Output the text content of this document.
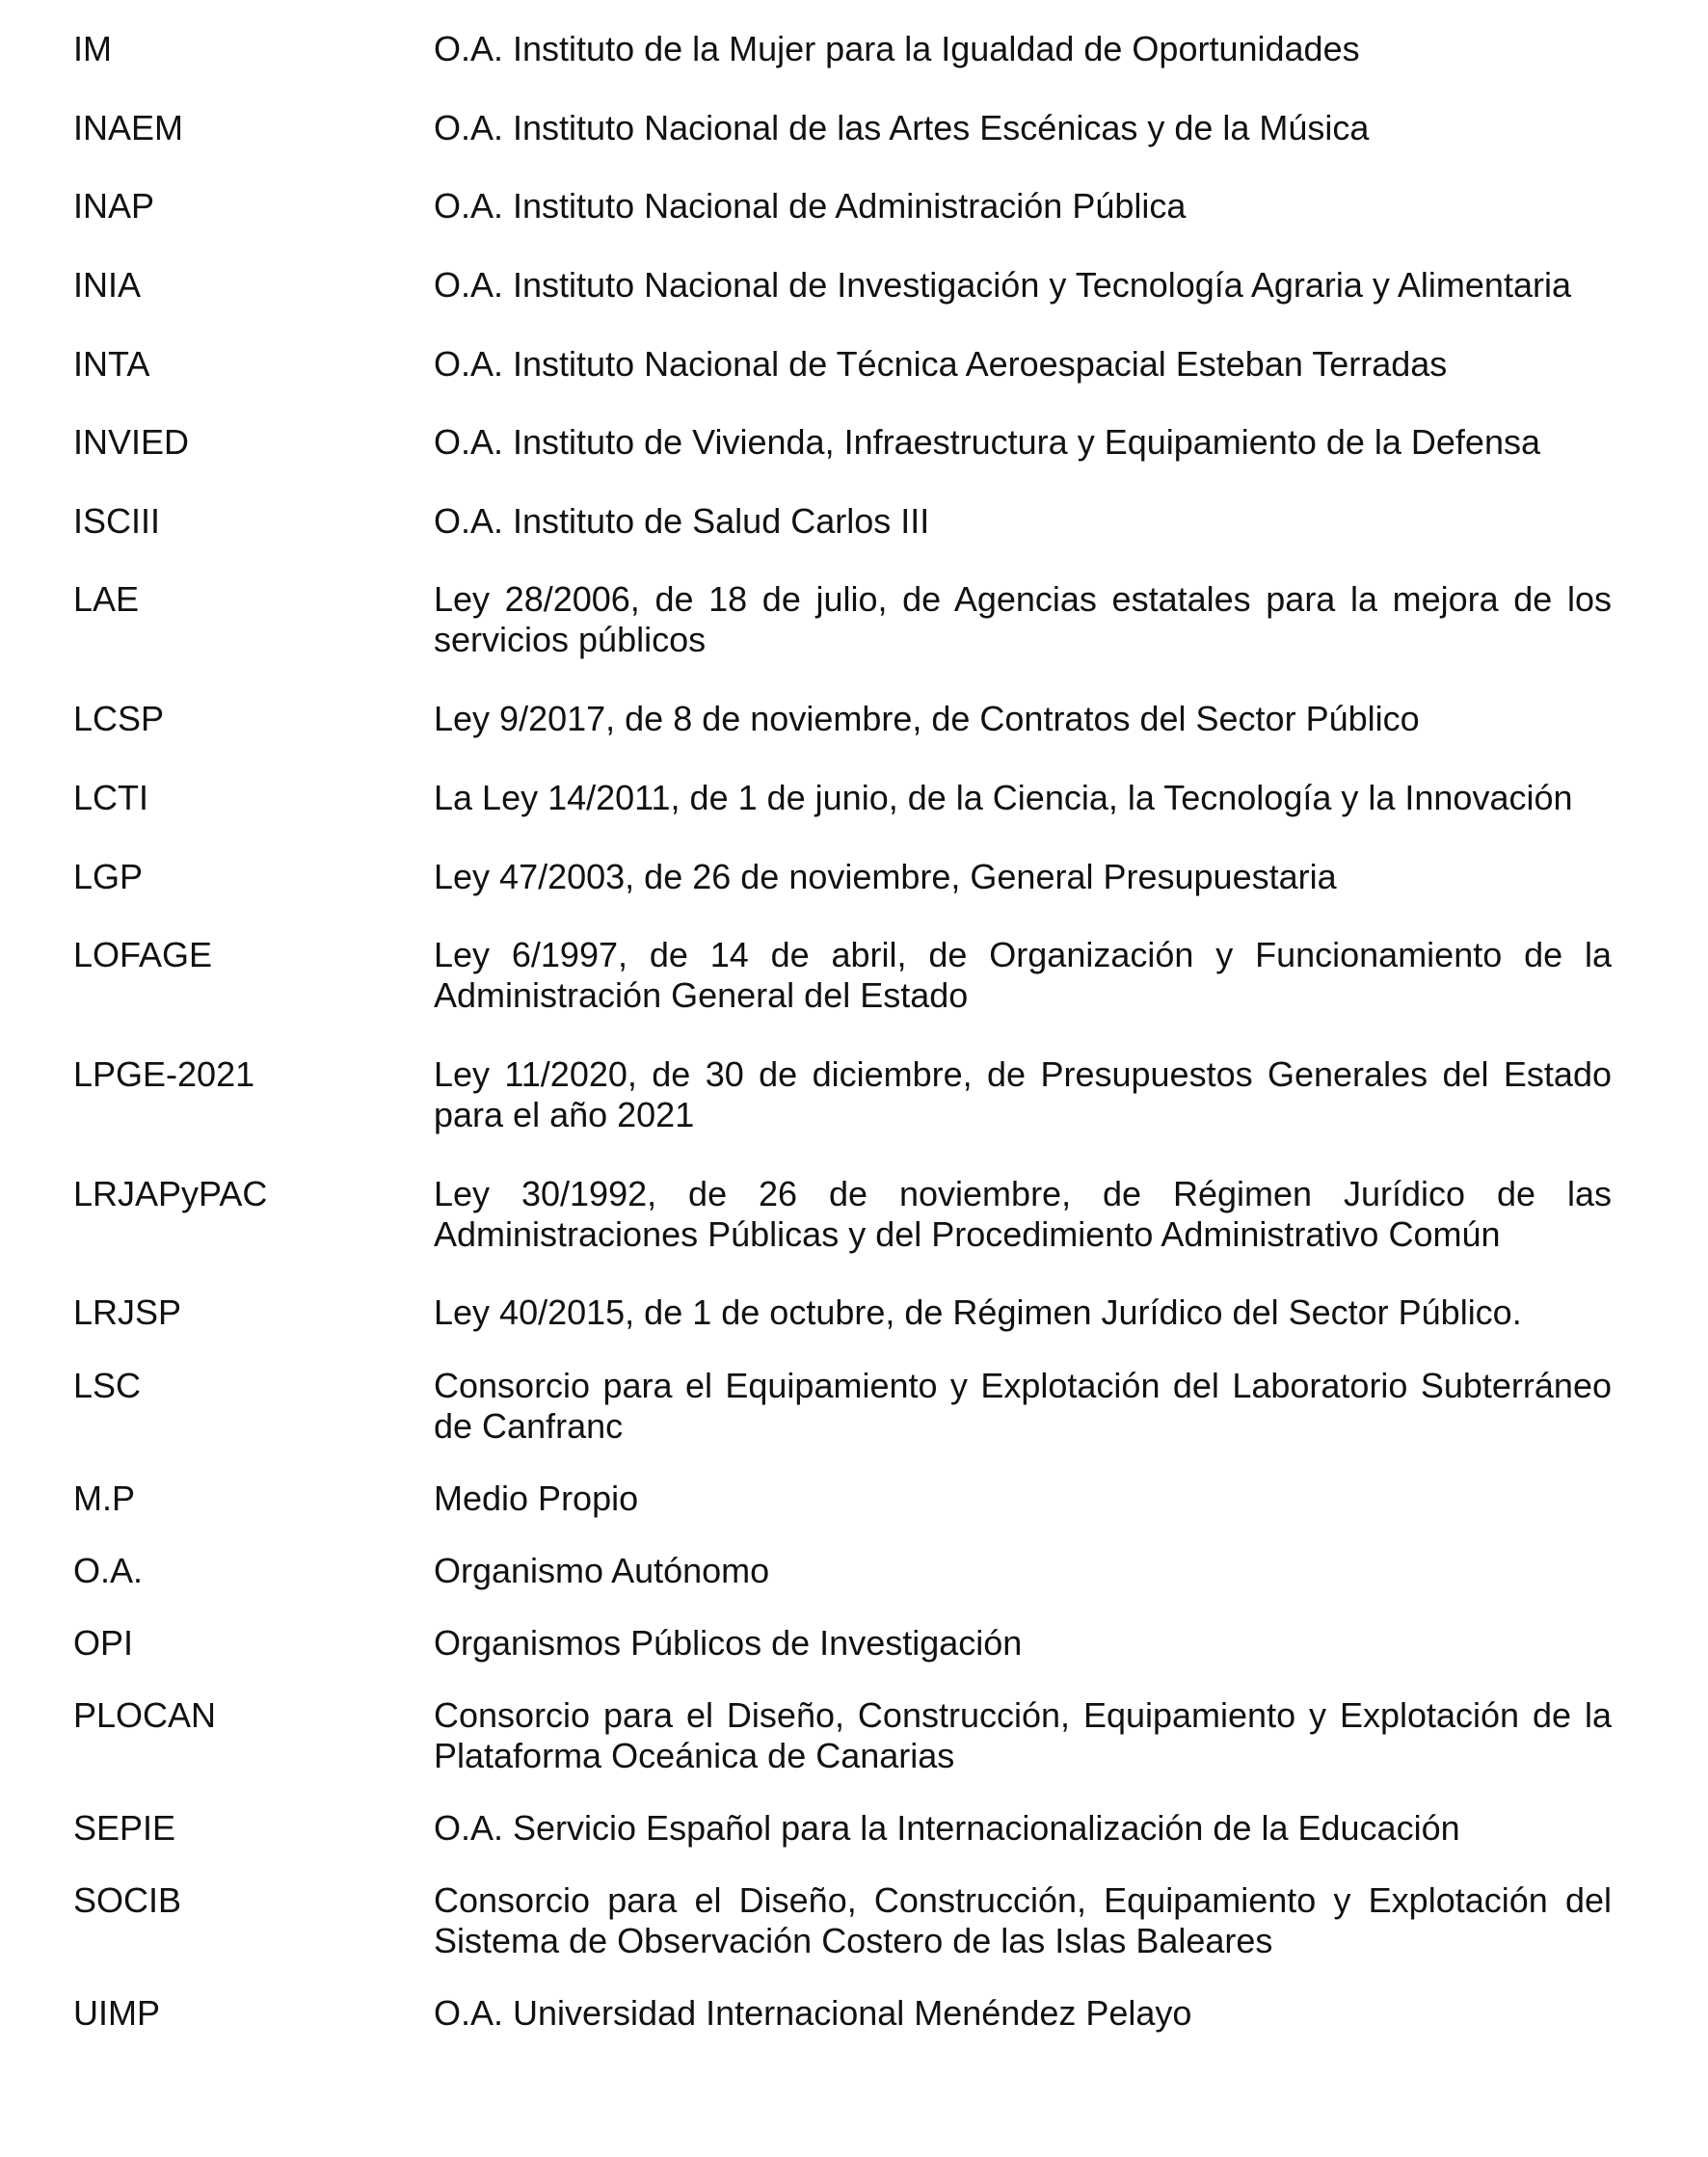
IM	O.A. Instituto de la Mujer para la Igualdad de Oportunidades
INAEM	O.A. Instituto Nacional de las Artes Escénicas y de la Música
INAP	O.A. Instituto Nacional de Administración Pública
INIA	O.A. Instituto Nacional de Investigación y Tecnología Agraria y Alimentaria
INTA	O.A. Instituto Nacional de Técnica Aeroespacial Esteban Terradas
INVIED	O.A. Instituto de Vivienda, Infraestructura y Equipamiento de la Defensa
ISCIII	O.A. Instituto de Salud Carlos III
LAE	Ley 28/2006, de 18 de julio, de Agencias estatales para la mejora de los servicios públicos
LCSP	Ley 9/2017, de 8 de noviembre, de Contratos del Sector Público
LCTI	La Ley 14/2011, de 1 de junio, de la Ciencia, la Tecnología y la Innovación
LGP	Ley 47/2003, de 26 de noviembre, General Presupuestaria
LOFAGE	Ley 6/1997, de 14 de abril, de Organización y Funcionamiento de la Administración General del Estado
LPGE-2021	Ley 11/2020, de 30 de diciembre, de Presupuestos Generales del Estado para el año 2021
LRJAPyPAC	Ley 30/1992, de 26 de noviembre, de Régimen Jurídico de las Administraciones Públicas y del Procedimiento Administrativo Común
LRJSP	Ley 40/2015, de 1 de octubre, de Régimen Jurídico del Sector Público.
LSC	Consorcio para el Equipamiento y Explotación del Laboratorio Subterráneo de Canfranc
M.P	Medio Propio
O.A.	Organismo Autónomo
OPI	Organismos Públicos de Investigación
PLOCAN	Consorcio para el Diseño, Construcción, Equipamiento y Explotación de la Plataforma Oceánica de Canarias
SEPIE	O.A. Servicio Español para la Internacionalización de la Educación
SOCIB	Consorcio para el Diseño, Construcción, Equipamiento y Explotación del Sistema de Observación Costero de las Islas Baleares
UIMP	O.A. Universidad Internacional Menéndez Pelayo
